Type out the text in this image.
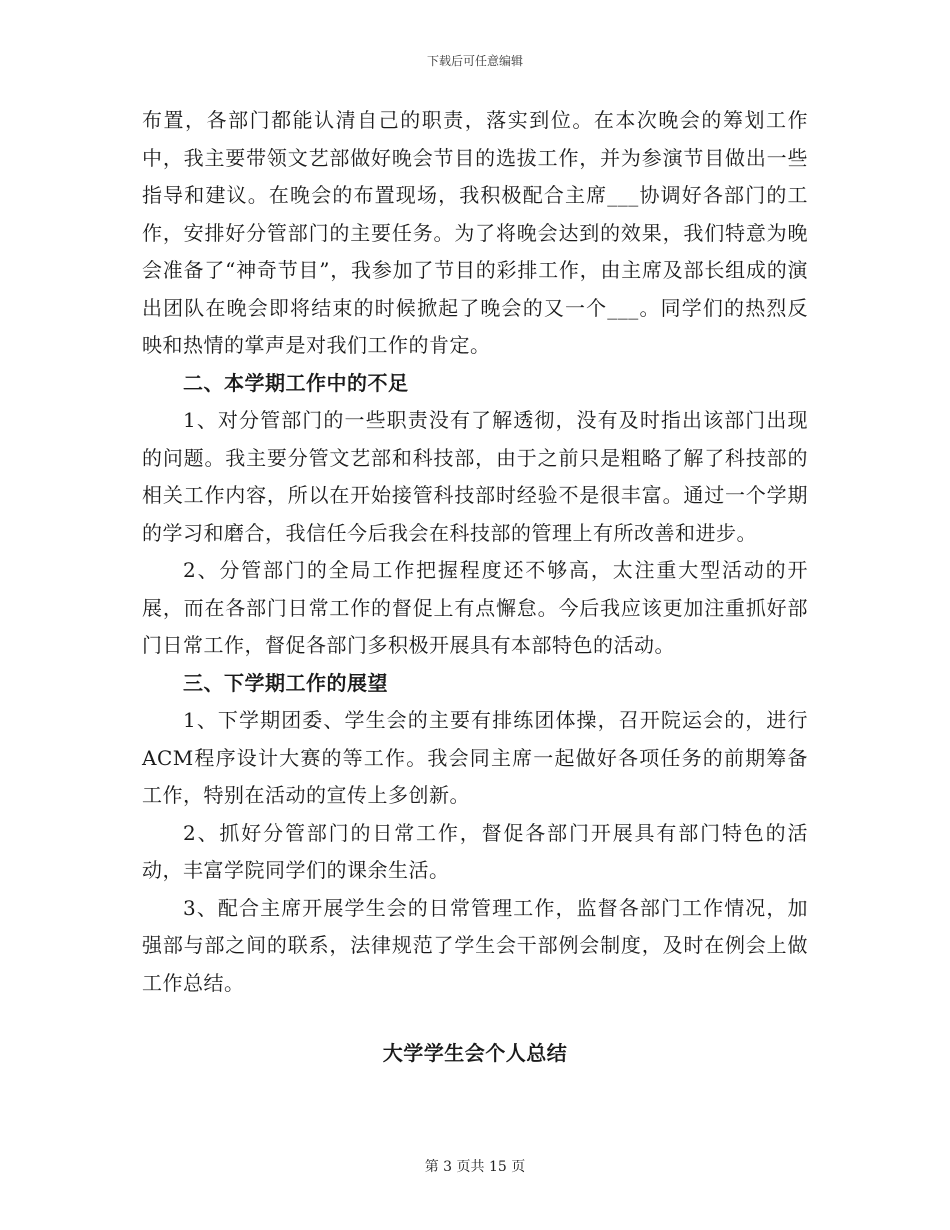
下载后可任意编辑

布置，各部门都能认清自己的职责，落实到位。在本次晚会的筹划工作中，我主要带领文艺部做好晚会节目的选拔工作，并为参演节目做出一些指导和建议。在晚会的布置现场，我积极配合主席___协调好各部门的工作，安排好分管部门的主要任务。为了将晚会达到的效果，我们特意为晚会准备了“神奇节目”，我参加了节目的彩排工作，由主席及部长组成的演出团队在晚会即将结束的时候掀起了晚会的又一个___。同学们的热烈反映和热情的掌声是对我们工作的肯定。

二、本学期工作中的不足

1、对分管部门的一些职责没有了解透彻，没有及时指出该部门出现的问题。我主要分管文艺部和科技部，由于之前只是粗略了解了科技部的相关工作内容，所以在开始接管科技部时经验不是很丰富。通过一个学期的学习和磨合，我信任今后我会在科技部的管理上有所改善和进步。

2、分管部门的全局工作把握程度还不够高，太注重大型活动的开展，而在各部门日常工作的督促上有点懈怠。今后我应该更加注重抓好部门日常工作，督促各部门多积极开展具有本部特色的活动。

三、下学期工作的展望

1、下学期团委、学生会的主要有排练团体操，召开院运会的，进行ACM程序设计大赛的等工作。我会同主席一起做好各项任务的前期筹备工作，特别在活动的宣传上多创新。

2、抓好分管部门的日常工作，督促各部门开展具有部门特色的活动，丰富学院同学们的课余生活。

3、配合主席开展学生会的日常管理工作，监督各部门工作情况，加强部与部之间的联系，法律规范了学生会干部例会制度，及时在例会上做工作总结。

大学学生会个人总结
第 3 页共 15 页
